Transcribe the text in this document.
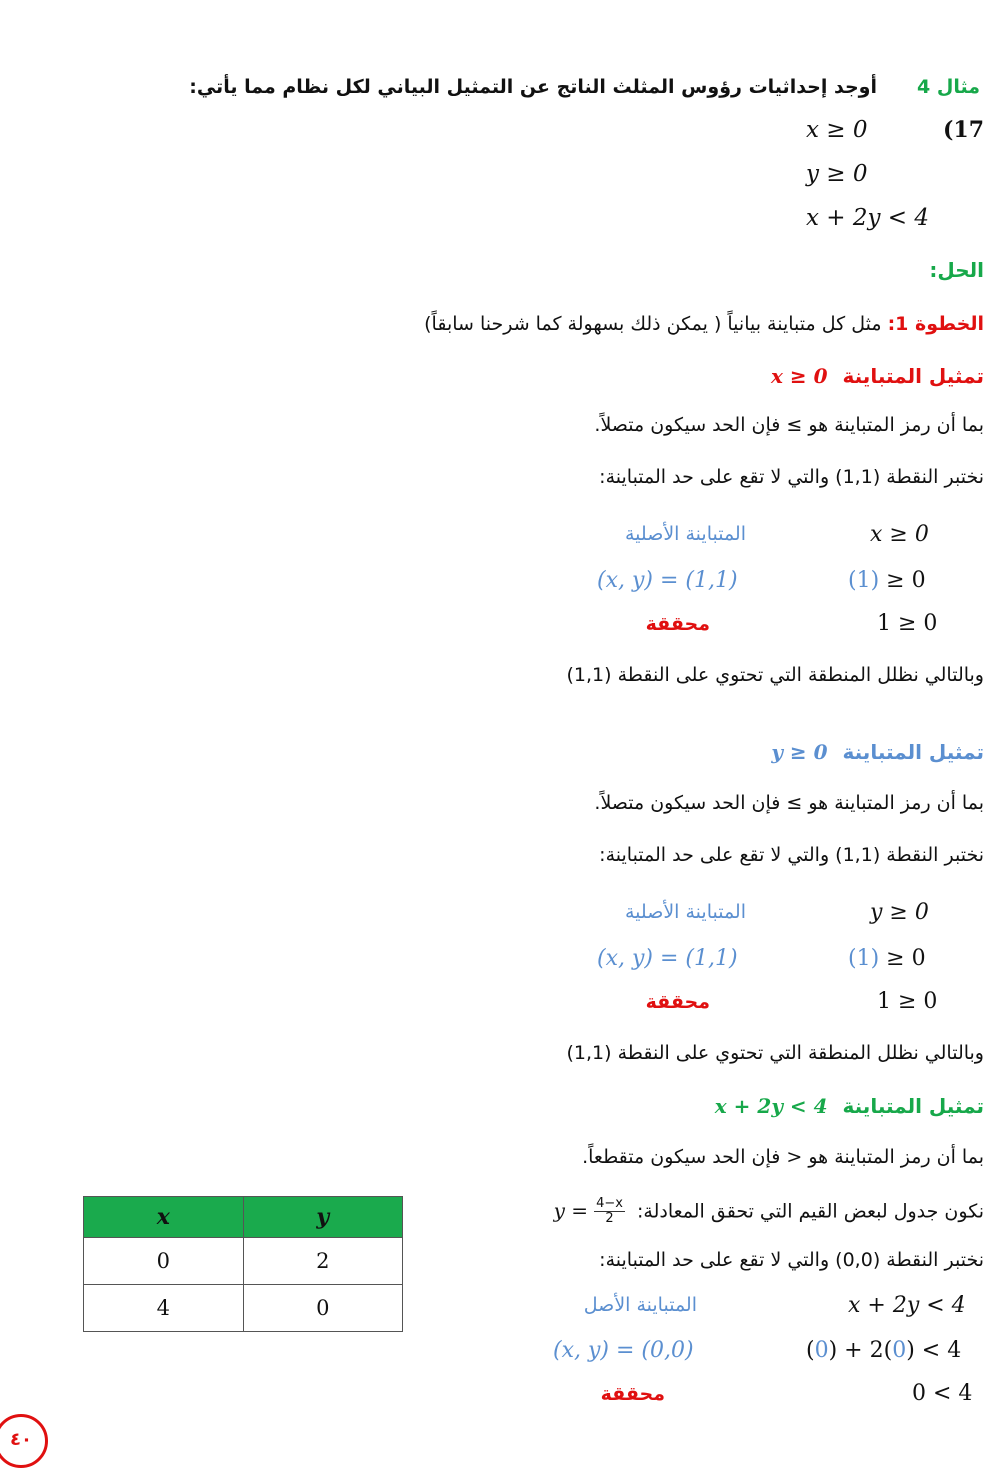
مثال 4
أوجد إحداثيات رؤوس المثلث الناتج عن التمثيل البياني لكل نظام مما يأتي:
(17
x ≥ 0
y ≥ 0
x + 2y < 4
الحل:
الخطوة 1: مثل كل متباينة بيانياً ( يمكن ذلك بسهولة كما شرحنا سابقاً)
تمثيل المتباينة x ≥ 0
بما أن رمز المتباينة هو ≥ فإن الحد سيكون متصلاً.
نختبر النقطة (1,1) والتي لا تقع على حد المتباينة:
المتباينة الأصلية	x ≥ 0
(x, y) = (1,1)	(1) ≥ 0
محققة	1 ≥ 0
وبالتالي نظلل المنطقة التي تحتوي على النقطة (1,1)
تمثيل المتباينة y ≥ 0
بما أن رمز المتباينة هو ≥ فإن الحد سيكون متصلاً.
نختبر النقطة (1,1) والتي لا تقع على حد المتباينة:
المتباينة الأصلية	y ≥ 0
(x, y) = (1,1)	(1) ≥ 0
محققة	1 ≥ 0
وبالتالي نظلل المنطقة التي تحتوي على النقطة (1,1)
تمثيل المتباينة x + 2y < 4
بما أن رمز المتباينة هو < فإن الحد سيكون متقطعاً.
نكون جدول لبعض القيم التي تحقق المعادلة: $y = \frac{4-x}{2}$
نختبر النقطة (0,0) والتي لا تقع على حد المتباينة:
المتباينة الأصل	x + 2y < 4
(x, y) = (0,0)	(0) + 2(0) < 4
محققة	0 < 4
x	y
0	2
4	0
٤٠
